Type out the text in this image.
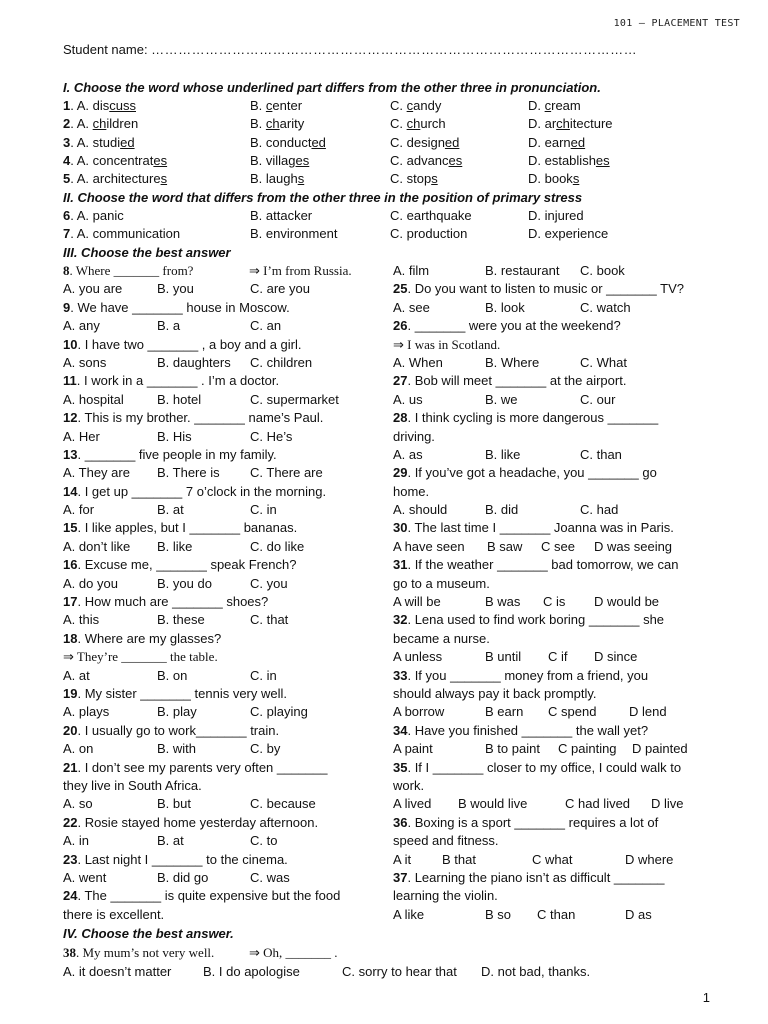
101 – PLACEMENT TEST
Student name: ………………………………………………………………………………………………
I. Choose the word whose underlined part differs from the other three in pronunciation.
1. A. discuss	B. center	C. candy	D. cream
2. A. children	B. charity	C. church	D. architecture
3. A. studied	B. conducted	C. designed	D. earned
4. A. concentrates	B. villages	C. advances	D. establishes
5. A. architectures	B. laughs	C. stops	D. books
II. Choose the word that differs from the other three in the position of primary stress
6. A. panic	B. attacker	C. earthquake	D. injured
7. A. communication	B. environment	C. production	D. experience
III. Choose the best answer
8. Where _______ from?	⇒ I’m from Russia.
A. you are	B. you	C. are you
9. We have _______ house in Moscow.
A. any	B. a	C. an
10. I have two _______ , a boy and a girl.
A. sons	B. daughters C. children
11. I work in a _______ . I’m a doctor.
A. hospital	B. hotel	C. supermarket
12. This is my brother. _______ name’s Paul.
A. Her	B. His	C. He’s
13. _______ five people in my family.
A. They are B. There is C. There are
14. I get up _______ 7 o’clock in the morning.
A. for	B. at	C. in
15. I like apples, but I _______ bananas.
A. don’t like B. like	C. do like
16. Excuse me, _______ speak French?
A. do you	B. you do	C. you
17. How much are _______ shoes?
A. this	B. these	C. that
18. Where are my glasses?
⇒ They’re _______ the table.
A. at	B. on	C. in
19. My sister _______ tennis very well.
A. plays	B. play	C. playing
20. I usually go to work_______ train.
A. on	B. with	C. by
21. I don’t see my parents very often _______
they live in South Africa.
A. so	B. but	C. because
22. Rosie stayed home yesterday afternoon.
A. in	B. at	C. to
23. Last night I _______ to the cinema.
A. went	B. did go	C. was
24. The _______ is quite expensive but the food
there is excellent.
A. film	B. restaurant C. book
25. Do you want to listen to music or _______ TV?
A. see	B. look	C. watch
26. _______ were you at the weekend?
⇒ I was in Scotland.
A. When	B. Where	C. What
27. Bob will meet _______ at the airport.
A. us	B. we	C. our
28. I think cycling is more dangerous _______
driving.
A. as	B. like	C. than
29. If you’ve got a headache, you _______ go
home.
A. should	B. did	C. had
30. The last time I _______ Joanna was in Paris.
A have seen B saw C see D was seeing
31. If the weather _______ bad tomorrow, we can
go to a museum.
A will be	B was C is D would be
32. Lena used to find work boring _______ she
became a nurse.
A unless	B until C if D since
33. If you _______ money from a friend, you
should always pay it back promptly.
A borrow	B earn C spend	D lend
34. Have you finished _______ the wall yet?
A paint	B to paint C painting D painted
35. If I _______ closer to my office, I could walk to
work.
A lived B would live	C had lived D live
36. Boxing is a sport _______ requires a lot of
speed and fitness.
A it B that	C what	D where
37. Learning the piano isn’t as difficult _______
learning the violin.
A like	B so C than	D as
IV. Choose the best answer.
38. My mum’s not very well.	⇒ Oh, _______ .
A. it doesn’t matter B. I do apologise	C. sorry to hear that D. not bad, thanks.
1
